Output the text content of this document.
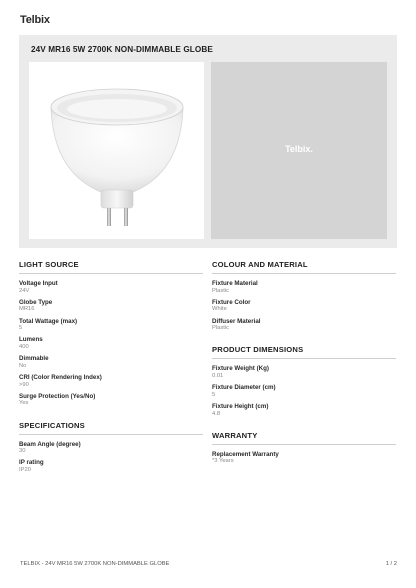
Telbix
24V MR16 5W 2700K NON-DIMMABLE GLOBE
Telbix.
LIGHT SOURCE
Voltage Input
24V
Globe Type
MR16
Total Wattage (max)
5
Lumens
400
Dimmable
No
CRI (Color Rendering Index)
>90
Surge Protection (Yes/No)
Yes
SPECIFICATIONS
Beam Angle (degree)
30
IP rating
IP20
COLOUR AND MATERIAL
Fixture Material
Plastic
Fixture Color
White
Diffuser Material
Plastic
PRODUCT DIMENSIONS
Fixture Weight (Kg)
0.01
Fixture Diameter (cm)
5
Fixture Height (cm)
4.8
WARRANTY
Replacement Warranty
*3 Years
TELBIX - 24V MR16 5W 2700K NON-DIMMABLE GLOBE	1 / 2
